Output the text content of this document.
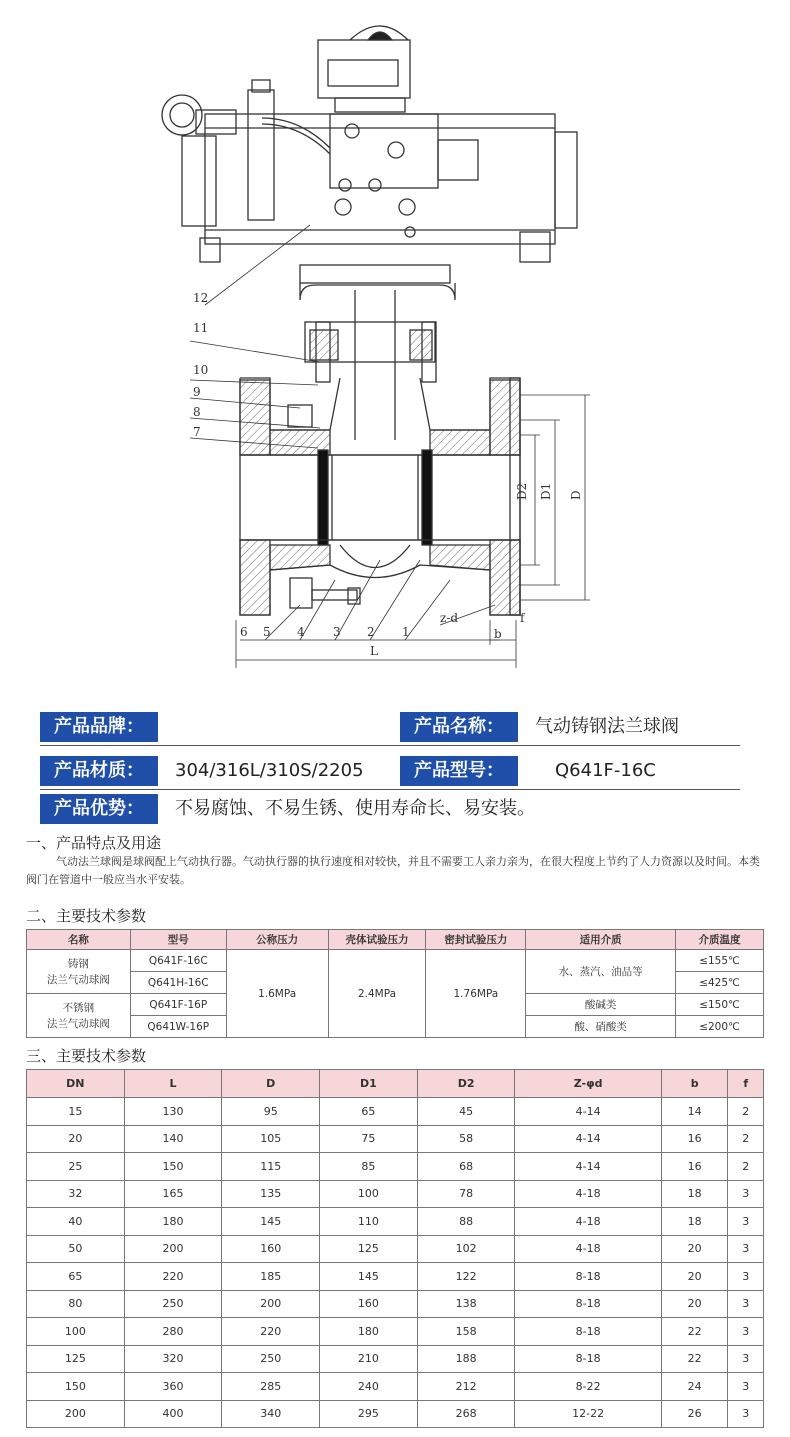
12
11
10
9
8
7
6 5 4 3 2 1
D2 D1 D
L
z-d	f
b
产品品牌：	产品名称：	气动铸钢法兰球阀
产品材质：	304/316L/310S/2205	产品型号：	Q641F-16C
产品优势：	不易腐蚀、不易生锈、使用寿命长、易安装。
一、产品特点及用途
气动法兰球阀是球阀配上气动执行器。气动执行器的执行速度相对较快，并且不需要工人亲力亲为，在很大程度上节约了人力资源以及时间。本类阀门在管道中一般应当水平安装。
二、主要技术参数
名称	型号	公称压力	壳体试验压力	密封试验压力	适用介质	介质温度
铸钢
法兰气动球阀	Q641F-16C	1.6MPa	2.4MPa	1.76MPa	水、蒸汽、油品等	≤155℃
	Q641H-16C					≤425℃
不锈钢
法兰气动球阀	Q641F-16P				酸碱类	≤150℃
	Q641W-16P				酸、硝酸类	≤200℃
三、主要技术参数
DN	L	D	D1	D2	Z-φd	b	f
15	130	95	65	45	4-14	14	2
20	140	105	75	58	4-14	16	2
25	150	115	85	68	4-14	16	2
32	165	135	100	78	4-18	18	3
40	180	145	110	88	4-18	18	3
50	200	160	125	102	4-18	20	3
65	220	185	145	122	8-18	20	3
80	250	200	160	138	8-18	20	3
100	280	220	180	158	8-18	22	3
125	320	250	210	188	8-18	22	3
150	360	285	240	212	8-22	24	3
200	400	340	295	268	12-22	26	3
